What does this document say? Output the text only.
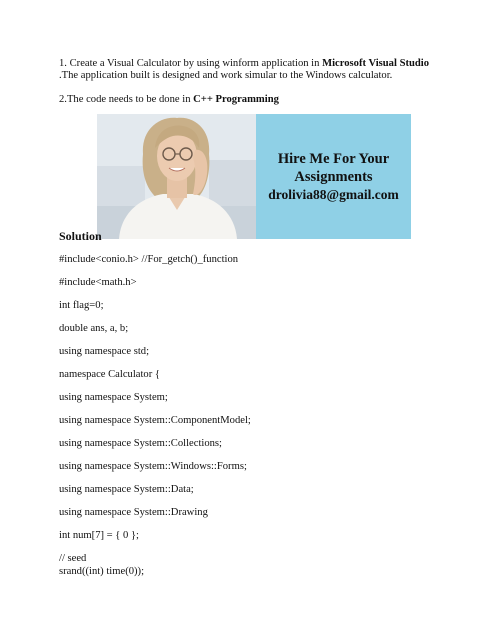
1. Create a Visual Calculator by using winform application in Microsoft Visual Studio .The application built is designed and work simular to the Windows calculator.

2.The code needs to be done in C++ Programming

Hire Me For Your
Assignments
drolivia88@gmail.com

Solution

#include<conio.h> //For_getch()_function

#include<math.h>

int flag=0;

double ans, a, b;

using namespace std;

namespace Calculator {

using namespace System;

using namespace System::ComponentModel;

using namespace System::Collections;

using namespace System::Windows::Forms;

using namespace System::Data;

using namespace System::Drawing

int num[7] = { 0 };

// seed

srand((int) time(0));
